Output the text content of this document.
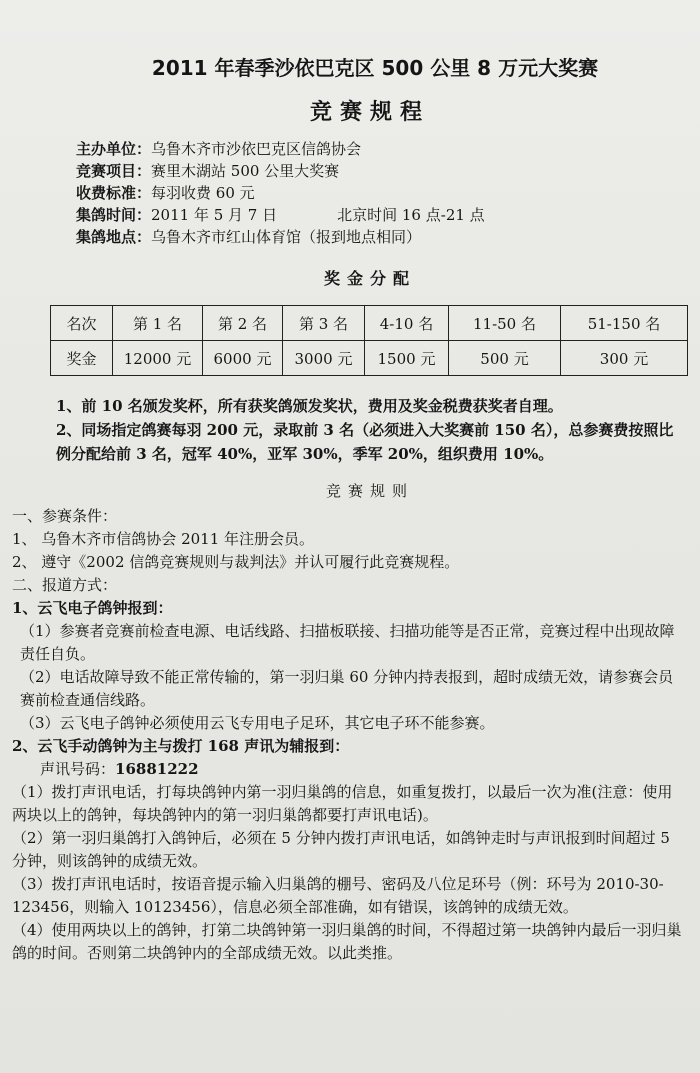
2011 年春季沙依巴克区 500 公里 8 万元大奖赛
竞赛规程
主办单位： 乌鲁木齐市沙依巴克区信鸽协会
竞赛项目： 赛里木湖站 500 公里大奖赛
收费标准： 每羽收费 60 元
集鸽时间： 2011 年 5 月 7 日	北京时间 16 点-21 点
集鸽地点： 乌鲁木齐市红山体育馆（报到地点相同）
奖金分配
名次	第 1 名	第 2 名	第 3 名	4-10 名	11-50 名	51-150 名
奖金	12000 元	6000 元	3000 元	1500 元	500 元	300 元

1、前 10 名颁发奖杯，所有获奖鸽颁发奖状，费用及奖金税费获奖者自理。

2、同场指定鸽赛每羽 200 元，录取前 3 名（必须进入大奖赛前 150 名），总参赛费按照比例分配给前 3 名，冠军 40%，亚军 30%，季军 20%，组织费用 10%。

竞赛规则

一、参赛条件：

1、 乌鲁木齐市信鸽协会 2011 年注册会员。

2、 遵守《2002 信鸽竞赛规则与裁判法》并认可履行此竞赛规程。

二、报道方式：

1、云飞电子鸽钟报到：

（1）参赛者竞赛前检查电源、电话线路、扫描板联接、扫描功能等是否正常，竞赛过程中出现故障责任自负。

（2）电话故障导致不能正常传输的，第一羽归巢 60 分钟内持表报到，超时成绩无效，请参赛会员赛前检查通信线路。

（3）云飞电子鸽钟必须使用云飞专用电子足环，其它电子环不能参赛。

2、云飞手动鸽钟为主与拨打 168 声讯为辅报到：

声讯号码：16881222

（1）拨打声讯电话，打每块鸽钟内第一羽归巢鸽的信息，如重复拨打，以最后一次为准(注意：使用两块以上的鸽钟，每块鸽钟内的第一羽归巢鸽都要打声讯电话)。

（2）第一羽归巢鸽打入鸽钟后，必须在 5 分钟内拨打声讯电话，如鸽钟走时与声讯报到时间超过 5 分钟，则该鸽钟的成绩无效。

（3）拨打声讯电话时，按语音提示输入归巢鸽的棚号、密码及八位足环号（例：环号为 2010-30-123456，则输入 10123456），信息必须全部准确，如有错误，该鸽钟的成绩无效。

（4）使用两块以上的鸽钟，打第二块鸽钟第一羽归巢鸽的时间，不得超过第一块鸽钟内最后一羽归巢鸽的时间。否则第二块鸽钟内的全部成绩无效。以此类推。
